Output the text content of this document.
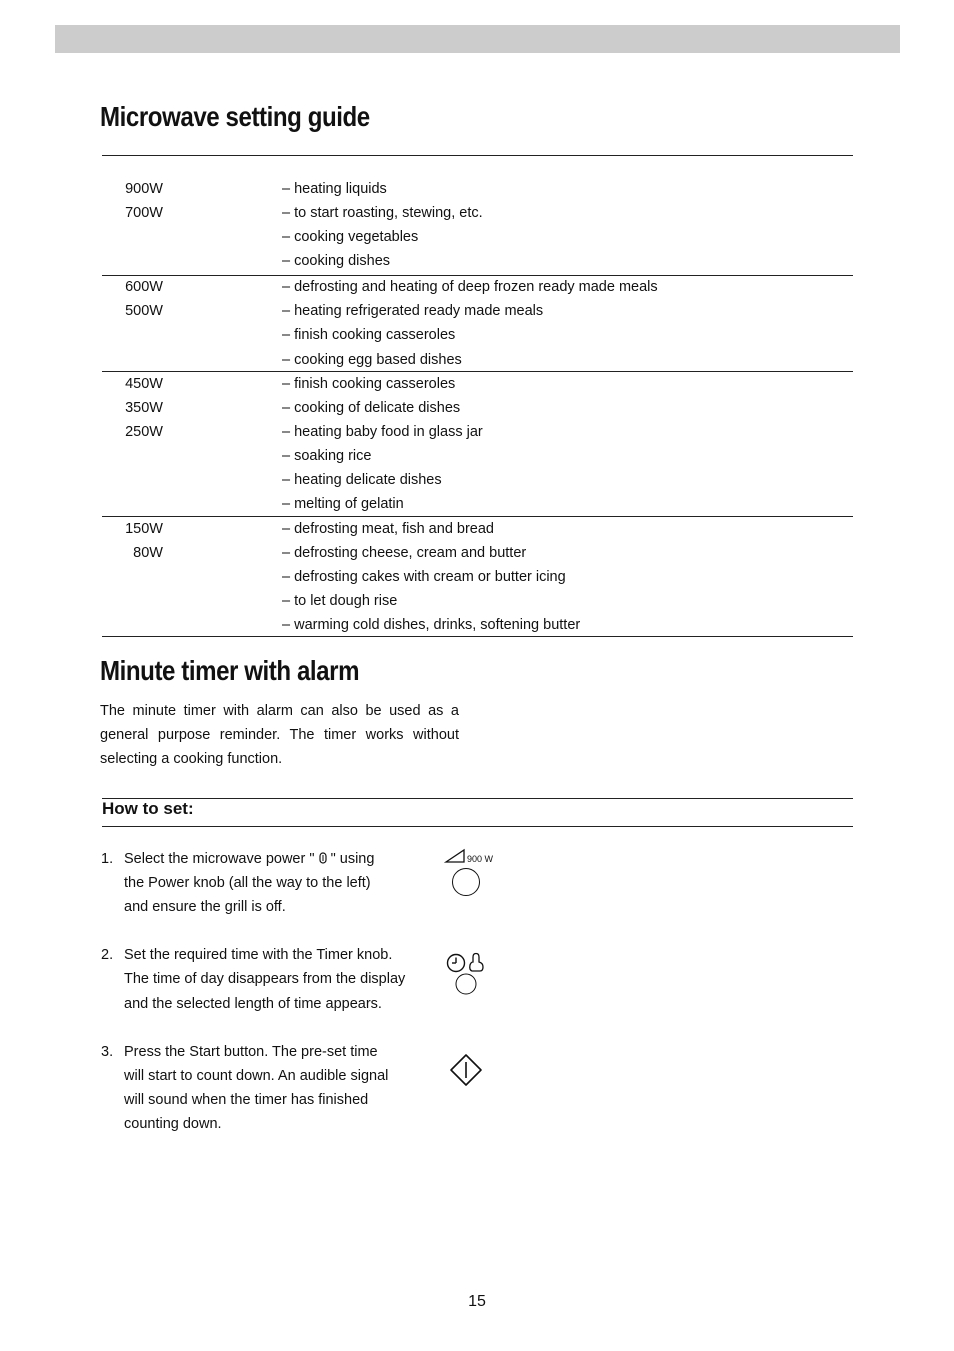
Microwave setting guide
900W	– heating liquids
700W	– to start roasting, stewing, etc.
– cooking vegetables
– cooking dishes
600W	– defrosting and heating of deep frozen ready made meals
500W	– heating refrigerated ready made meals
– finish cooking casseroles
– cooking egg based dishes
450W	– finish cooking casseroles
350W	– cooking of delicate dishes
250W	– heating baby food in glass jar
– soaking rice
– heating delicate dishes
– melting of gelatin
150W	– defrosting meat, fish and bread
80W	– defrosting cheese, cream and butter
– defrosting cakes with cream or butter icing
– to let dough rise
– warming cold dishes, drinks, softening butter
Minute timer with alarm

The minute timer with alarm can also be used as a general purpose reminder. The timer works without selecting a cooking function.

How to set:
1. Select the microwave power "  " using
the Power knob (all the way to the left)
and ensure the grill is off.
2. Set the required time with the Timer knob.
The time of day disappears from the display
and the selected length of time appears.
3. Press the Start button. The pre-set time
will start to count down. An audible signal
will sound when the timer has finished
counting down.
900 W
15
